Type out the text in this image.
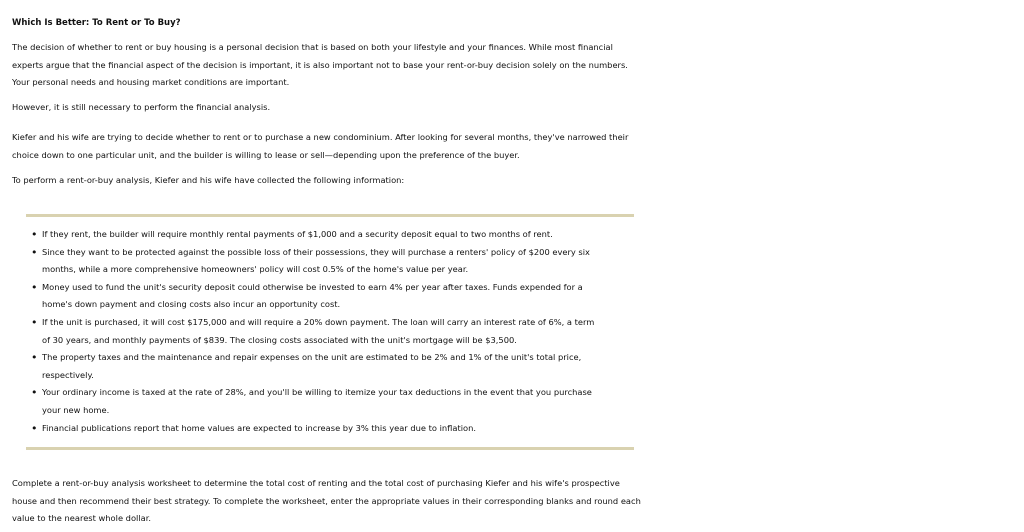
Which Is Better: To Rent or To Buy?

The decision of whether to rent or buy housing is a personal decision that is based on both your lifestyle and your finances. While most financial
experts argue that the financial aspect of the decision is important, it is also important not to base your rent-or-buy decision solely on the numbers.
Your personal needs and housing market conditions are important.

However, it is still necessary to perform the financial analysis.

Kiefer and his wife are trying to decide whether to rent or to purchase a new condominium. After looking for several months, they've narrowed their
choice down to one particular unit, and the builder is willing to lease or sell—depending upon the preference of the buyer.

To perform a rent-or-buy analysis, Kiefer and his wife have collected the following information:

• If they rent, the builder will require monthly rental payments of $1,000 and a security deposit equal to two months of rent.
• Since they want to be protected against the possible loss of their possessions, they will purchase a renters' policy of $200 every six
months, while a more comprehensive homeowners' policy will cost 0.5% of the home's value per year.
• Money used to fund the unit's security deposit could otherwise be invested to earn 4% per year after taxes. Funds expended for a
home's down payment and closing costs also incur an opportunity cost.
• If the unit is purchased, it will cost $175,000 and will require a 20% down payment. The loan will carry an interest rate of 6%, a term
of 30 years, and monthly payments of $839. The closing costs associated with the unit's mortgage will be $3,500.
• The property taxes and the maintenance and repair expenses on the unit are estimated to be 2% and 1% of the unit's total price,
respectively.
• Your ordinary income is taxed at the rate of 28%, and you'll be willing to itemize your tax deductions in the event that you purchase
your new home.
• Financial publications report that home values are expected to increase by 3% this year due to inflation.

Complete a rent-or-buy analysis worksheet to determine the total cost of renting and the total cost of purchasing Kiefer and his wife's prospective
house and then recommend their best strategy. To complete the worksheet, enter the appropriate values in their corresponding blanks and round each
value to the nearest whole dollar.
